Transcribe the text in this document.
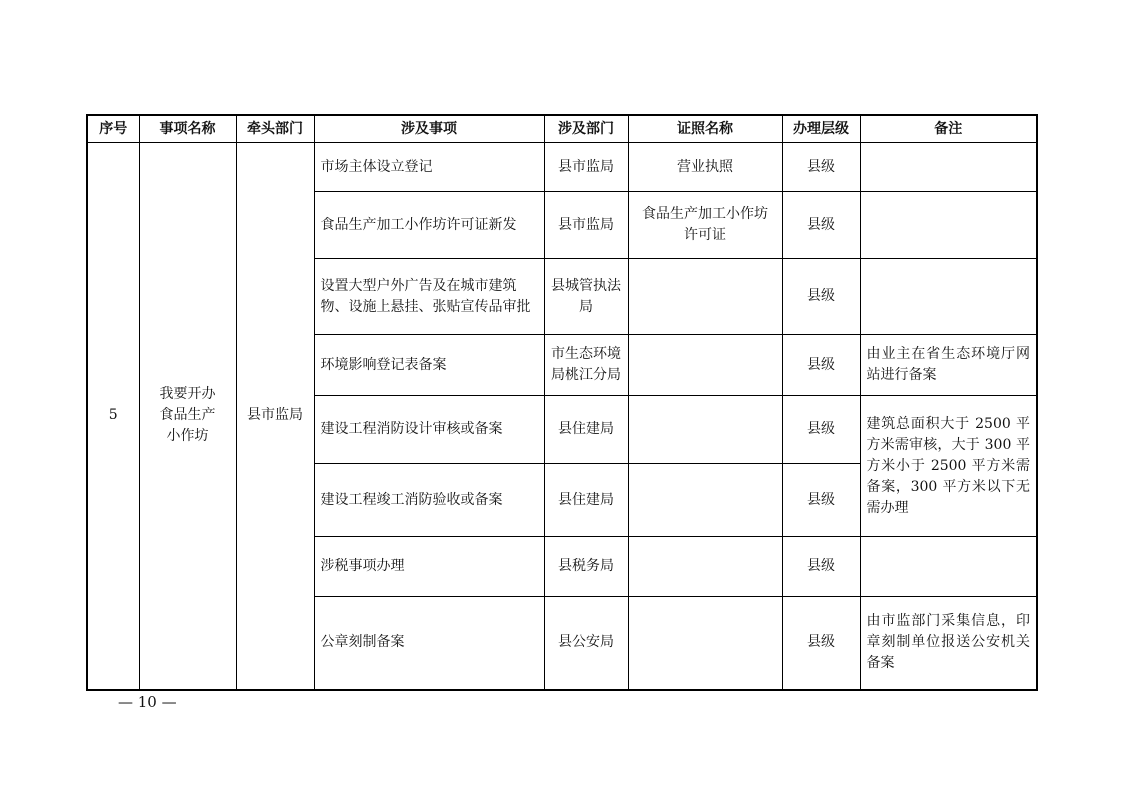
序号	事项名称	牵头部门	涉及事项	涉及部门	证照名称	办理层级	备注
5	我要开办食品生产小作坊	县市监局	市场主体设立登记	县市监局	营业执照	县级	
			食品生产加工小作坊许可证新发	县市监局	食品生产加工小作坊许可证	县级	
			设置大型户外广告及在城市建筑物、设施上悬挂、张贴宣传品审批	县城管执法局		县级	
			环境影响登记表备案	市生态环境局桃江分局		县级	由业主在省生态环境厅网站进行备案
			建设工程消防设计审核或备案	县住建局		县级	建筑总面积大于 2500 平方米需审核，大于 300 平方米小于 2500 平方米需备案，300 平方米以下无需办理
			建设工程竣工消防验收或备案	县住建局		县级	
			涉税事项办理	县税务局		县级	
			公章刻制备案	县公安局		县级	由市监部门采集信息，印章刻制单位报送公安机关备案
— 10 —
